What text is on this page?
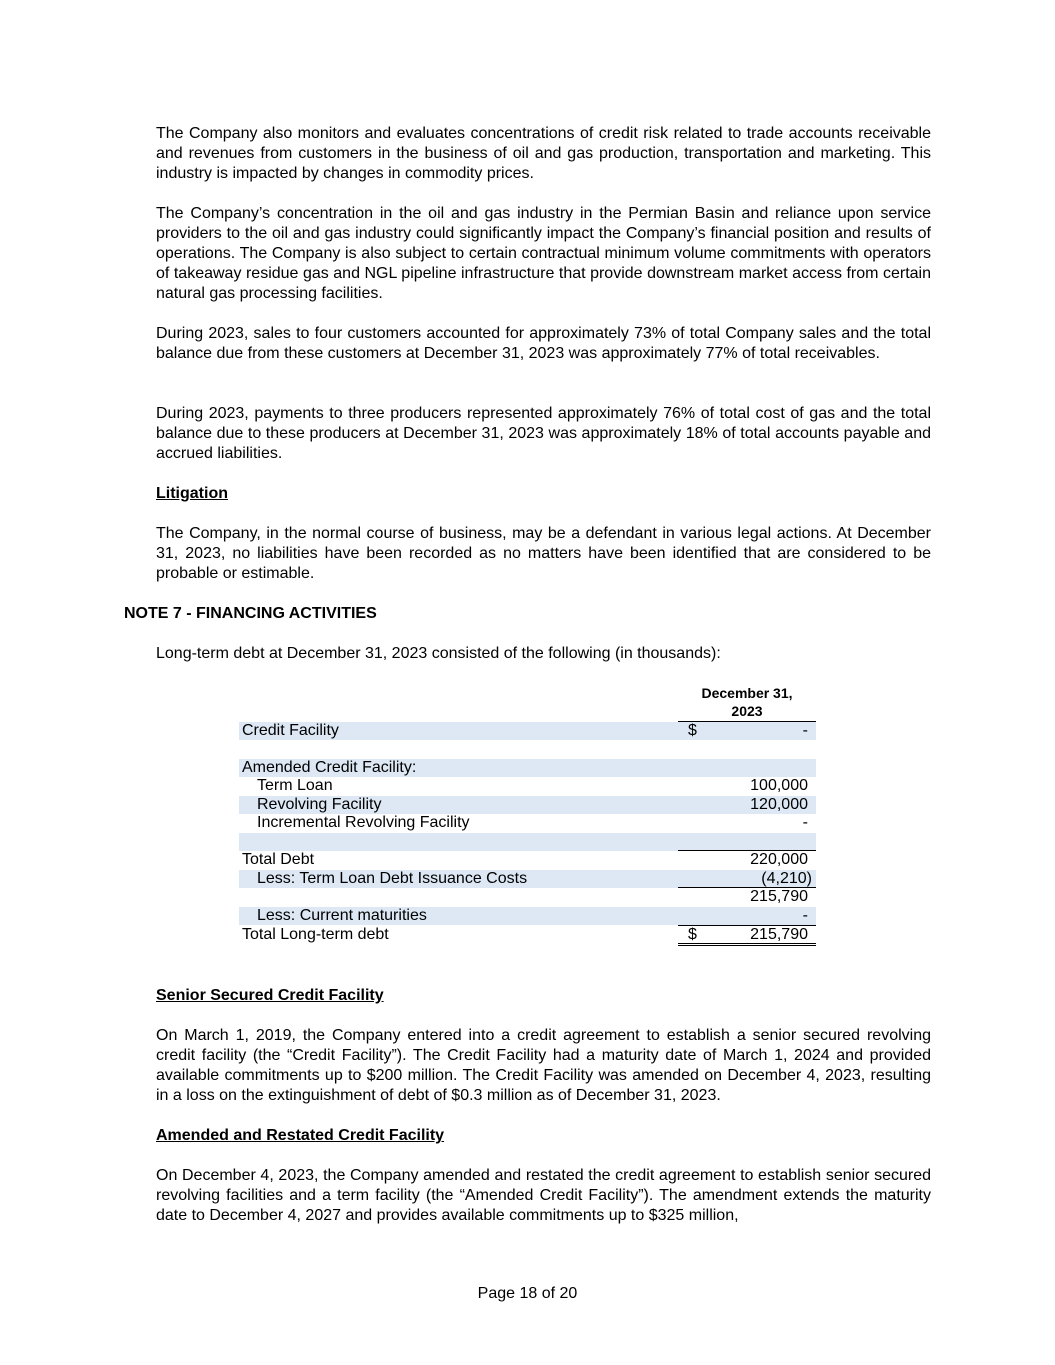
The Company also monitors and evaluates concentrations of credit risk related to trade accounts receivable and revenues from customers in the business of oil and gas production, transportation and marketing. This industry is impacted by changes in commodity prices.

The Company’s concentration in the oil and gas industry in the Permian Basin and reliance upon service providers to the oil and gas industry could significantly impact the Company’s financial position and results of operations. The Company is also subject to certain contractual minimum volume commitments with operators of takeaway residue gas and NGL pipeline infrastructure that provide downstream market access from certain natural gas processing facilities.

During 2023, sales to four customers accounted for approximately 73% of total Company sales and the total balance due from these customers at December 31, 2023 was approximately 77% of total receivables.

During 2023, payments to three producers represented approximately 76% of total cost of gas and the total balance due to these producers at December 31, 2023 was approximately 18% of total accounts payable and accrued liabilities.

Litigation

The Company, in the normal course of business, may be a defendant in various legal actions. At December 31, 2023, no liabilities have been recorded as no matters have been identified that are considered to be probable or estimable.

NOTE 7 - FINANCING ACTIVITIES

Long-term debt at December 31, 2023 consisted of the following (in thousands):

December 31,
2023
Credit Facility	$	-
Amended Credit Facility:
Term Loan	100,000
Revolving Facility	120,000
Incremental Revolving Facility	-
Total Debt	220,000
Less: Term Loan Debt Issuance Costs	(4,210)
215,790
Less: Current maturities	-
Total Long-term debt	$	215,790

Senior Secured Credit Facility

On March 1, 2019, the Company entered into a credit agreement to establish a senior secured revolving credit facility (the “Credit Facility”). The Credit Facility had a maturity date of March 1, 2024 and provided available commitments up to $200 million. The Credit Facility was amended on December 4, 2023, resulting in a loss on the extinguishment of debt of $0.3 million as of December 31, 2023.

Amended and Restated Credit Facility

On December 4, 2023, the Company amended and restated the credit agreement to establish senior secured revolving facilities and a term facility (the “Amended Credit Facility”). The amendment extends the maturity date to December 4, 2027 and provides available commitments up to $325 million,

Page 18 of 20
